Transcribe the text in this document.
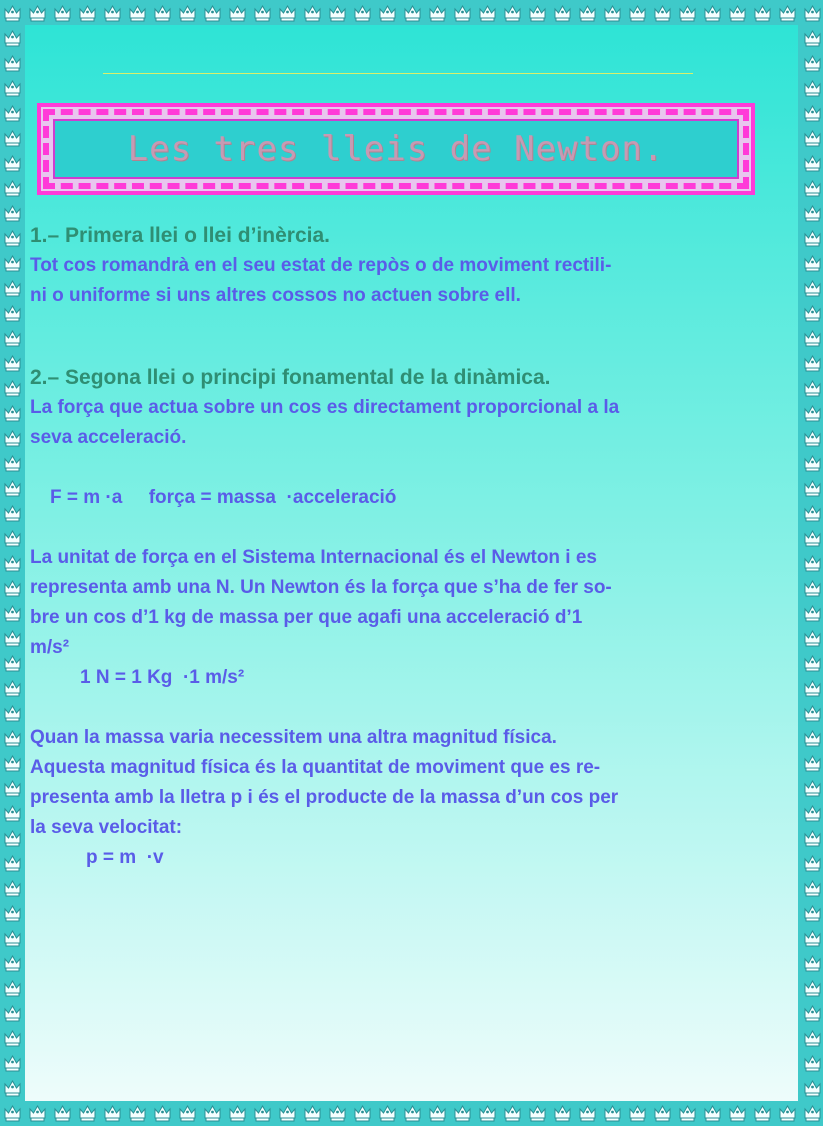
Les tres lleis de Newton.
1.– Primera llei o llei d’inèrcia.
Tot cos romandrà en el seu estat de repòs o de moviment rectili-
ni o uniforme si uns altres cossos no actuen sobre ell.
2.– Segona llei o principi fonamental de la dinàmica.
La força que actua sobre un cos es directament proporcional a la
seva acceleració.
F = m ·a     força = massa  ·acceleració
La unitat de força en el Sistema Internacional és el Newton i es
representa amb una N. Un Newton és la força que s’ha de fer so-
bre un cos d’1 kg de massa per que agafi una acceleració d’1
m/s²
1 N = 1 Kg  ·1 m/s²
Quan la massa varia necessitem una altra magnitud física.
Aquesta magnitud física és la quantitat de moviment que es re-
presenta amb la lletra p i és el producte de la massa d’un cos per
la seva velocitat:
p = m  ·v
